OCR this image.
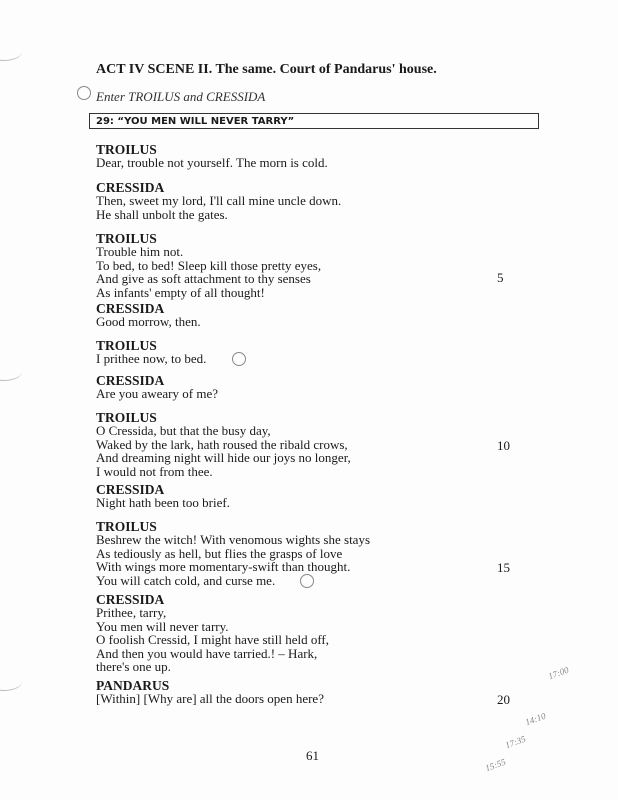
ACT IV SCENE II. The same. Court of Pandarus' house.
Enter TROILUS and CRESSIDA
29: “YOU MEN WILL NEVER TARRY”
TROILUS
Dear, trouble not yourself. The morn is cold.
CRESSIDA
Then, sweet my lord, I'll call mine uncle down.
He shall unbolt the gates.
TROILUS
Trouble him not.
To bed, to bed! Sleep kill those pretty eyes,
And give as soft attachment to thy senses
As infants' empty of all thought!
CRESSIDA
Good morrow, then.
TROILUS
I prithee now, to bed.
CRESSIDA
Are you aweary of me?
TROILUS
O Cressida, but that the busy day,
Waked by the lark, hath roused the ribald crows,
And dreaming night will hide our joys no longer,
I would not from thee.
CRESSIDA
Night hath been too brief.
TROILUS
Beshrew the witch! With venomous wights she stays
As tediously as hell, but flies the grasps of love
With wings more momentary-swift than thought.
You will catch cold, and curse me.
CRESSIDA
Prithee, tarry,
You men will never tarry.
O foolish Cressid, I might have still held off,
And then you would have tarried.! – Hark,
there's one up.
PANDARUS
[Within] [Why are] all the doors open here?
5
10
15
20
17:00
14:10
17:35
15:55
61
